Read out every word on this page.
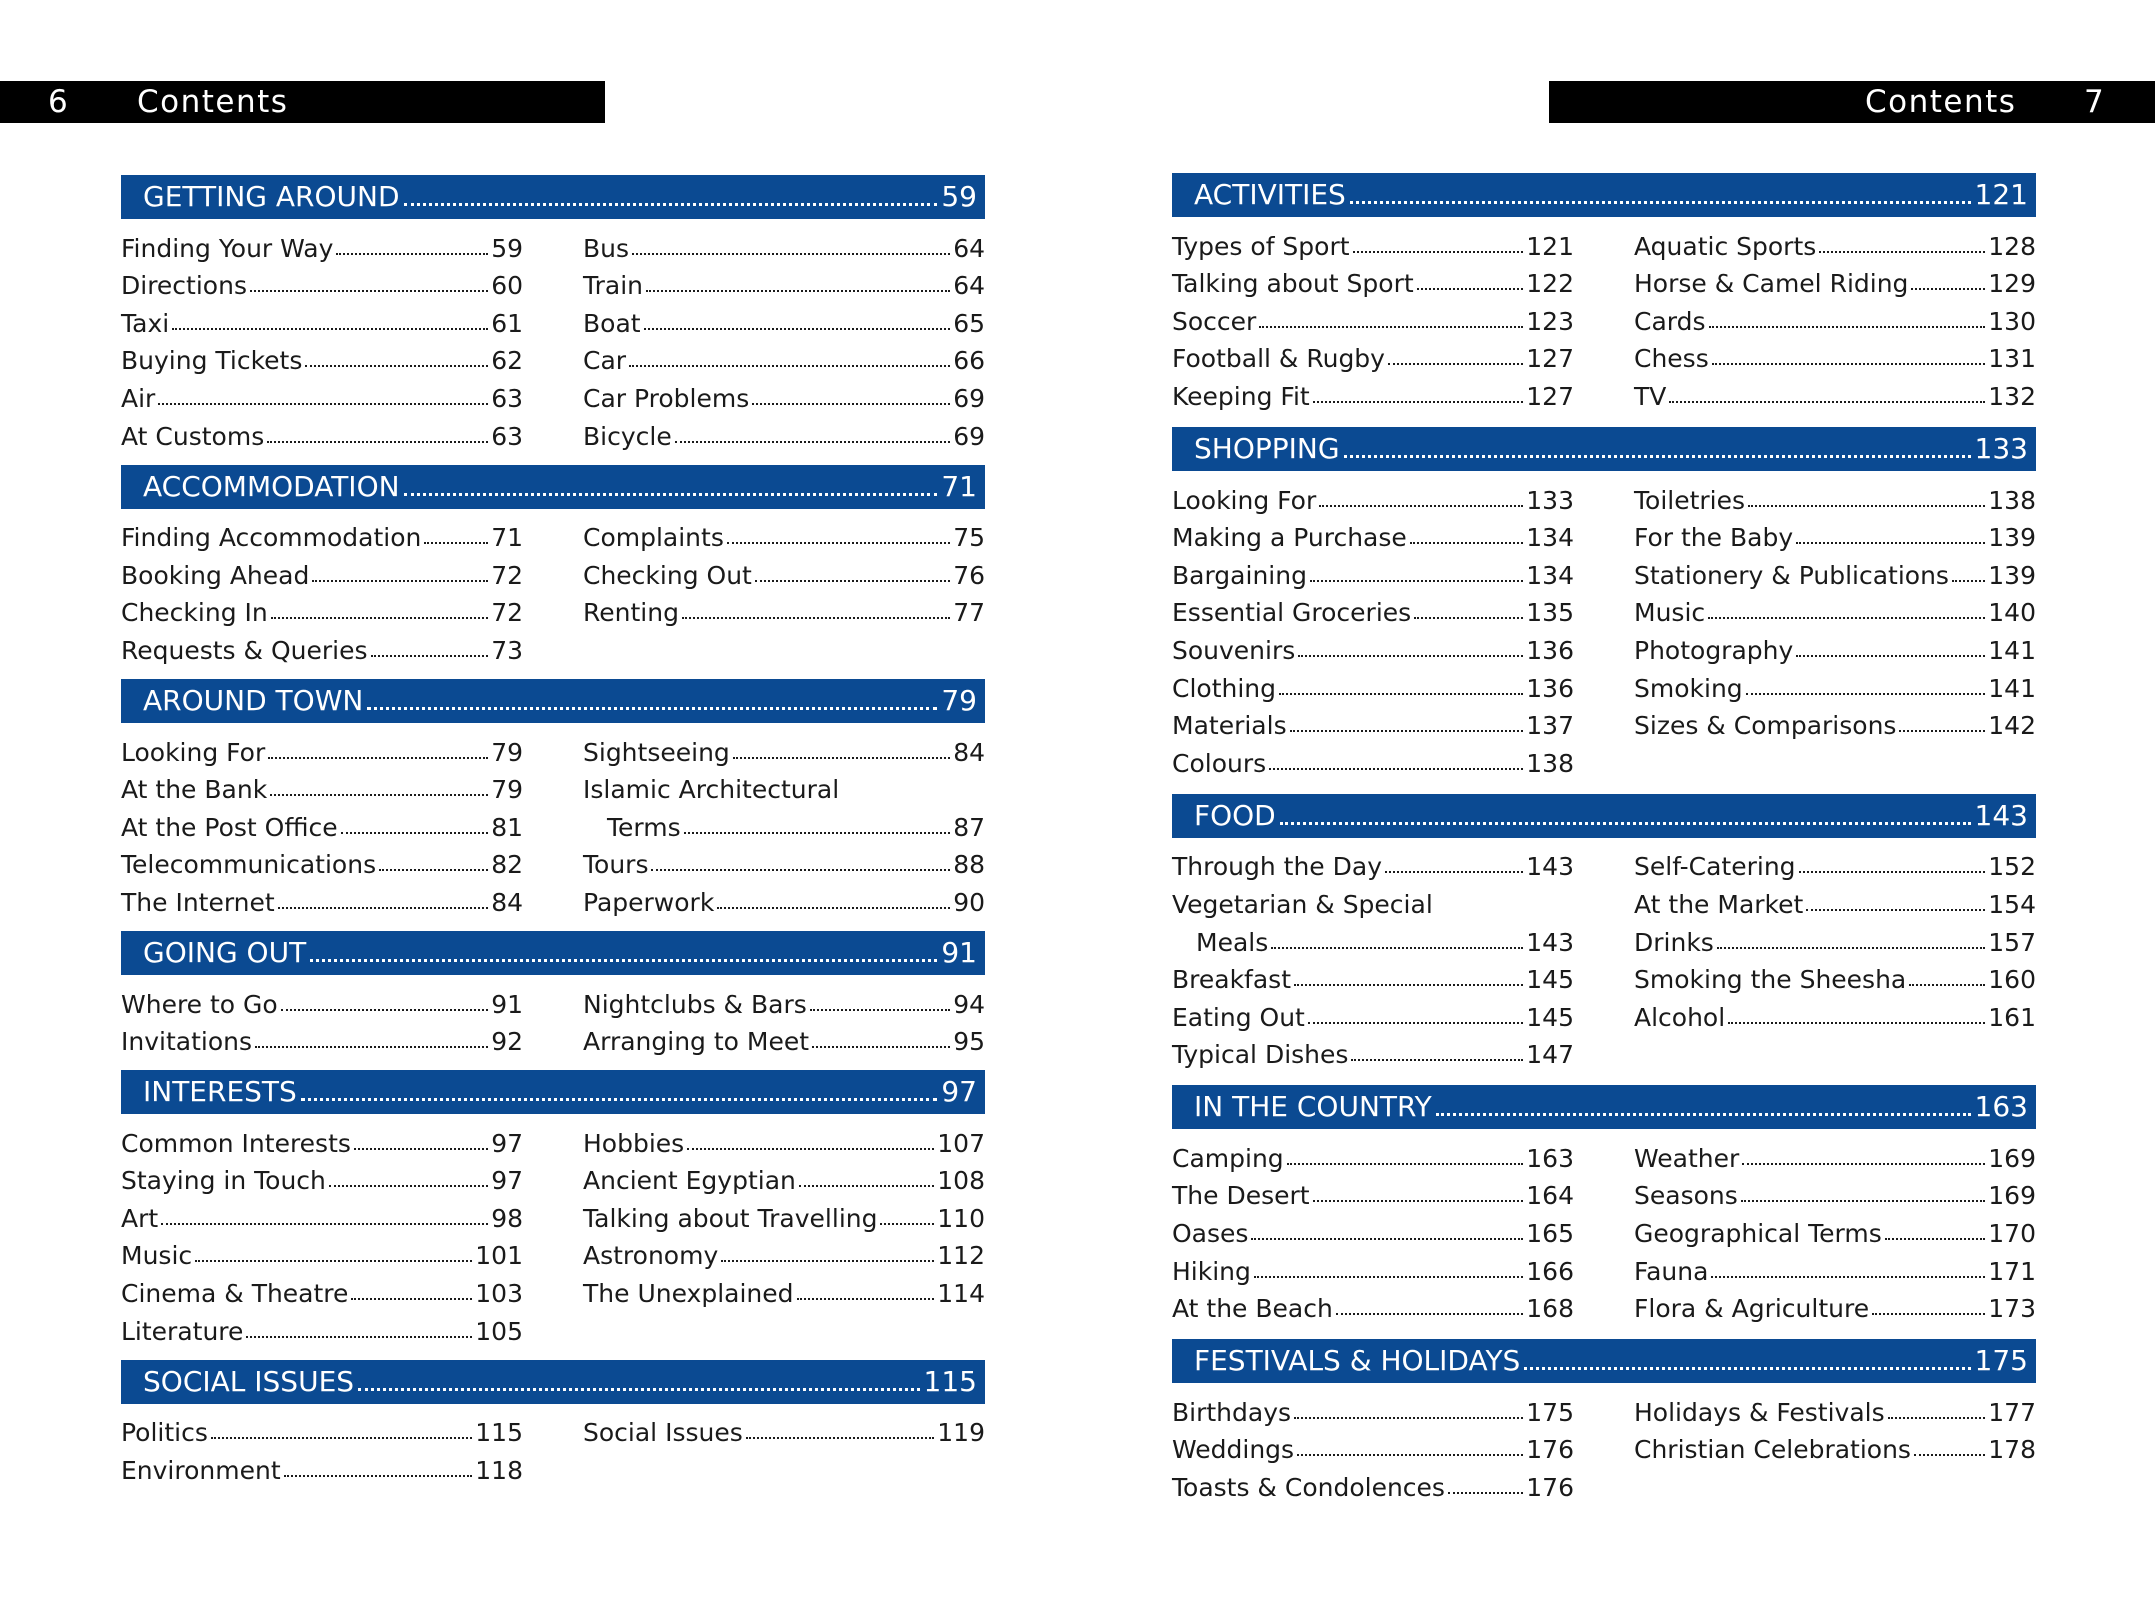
6 Contents	Contents 7
GETTING AROUND	59
Finding Your Way	59
Directions	60
Taxi	61
Buying Tickets	62
Air	63
At Customs	63
Bus	64
Train	64
Boat	65
Car	66
Car Problems	69
Bicycle	69
ACCOMMODATION	71
Finding Accommodation	71
Booking Ahead	72
Checking In	72
Requests & Queries	73
Complaints	75
Checking Out	76
Renting	77
AROUND TOWN	79
Looking For	79
At the Bank	79
At the Post Office	81
Telecommunications	82
The Internet	84
Sightseeing	84
Islamic Architectural
Terms	87
Tours	88
Paperwork	90
GOING OUT	91
Where to Go	91
Invitations	92
Nightclubs & Bars	94
Arranging to Meet	95
INTERESTS	97
Common Interests	97
Staying in Touch	97
Art	98
Music	101
Cinema & Theatre	103
Literature	105
Hobbies	107
Ancient Egyptian	108
Talking about Travelling 110
Astronomy	112
The Unexplained	114
SOCIAL ISSUES	115
Politics	115
Environment	118
Social Issues	119
ACTIVITIES	121
Types of Sport	121
Talking about Sport	122
Soccer	123
Football & Rugby	127
Keeping Fit	127
Aquatic Sports	128
Horse & Camel Riding	129
Cards	130
Chess	131
TV	132
SHOPPING	133
Looking For	133
Making a Purchase	134
Bargaining	134
Essential Groceries	135
Souvenirs	136
Clothing	136
Materials	137
Colours	138
Toiletries	138
For the Baby	139
Stationery & Publications 139
Music	140
Photography	141
Smoking	141
Sizes & Comparisons	142
FOOD	143
Through the Day	143
Vegetarian & Special
Meals	143
Breakfast	145
Eating Out	145
Typical Dishes	147
Self-Catering	152
At the Market	154
Drinks	157
Smoking the Sheesha	160
Alcohol	161
IN THE COUNTRY	163
Camping	163
The Desert	164
Oases	165
Hiking	166
At the Beach	168
Weather	169
Seasons	169
Geographical Terms	170
Fauna	171
Flora & Agriculture	173
FESTIVALS & HOLIDAYS	175
Birthdays	175
Weddings	176
Toasts & Condolences	176
Holidays & Festivals	177
Christian Celebrations	178
